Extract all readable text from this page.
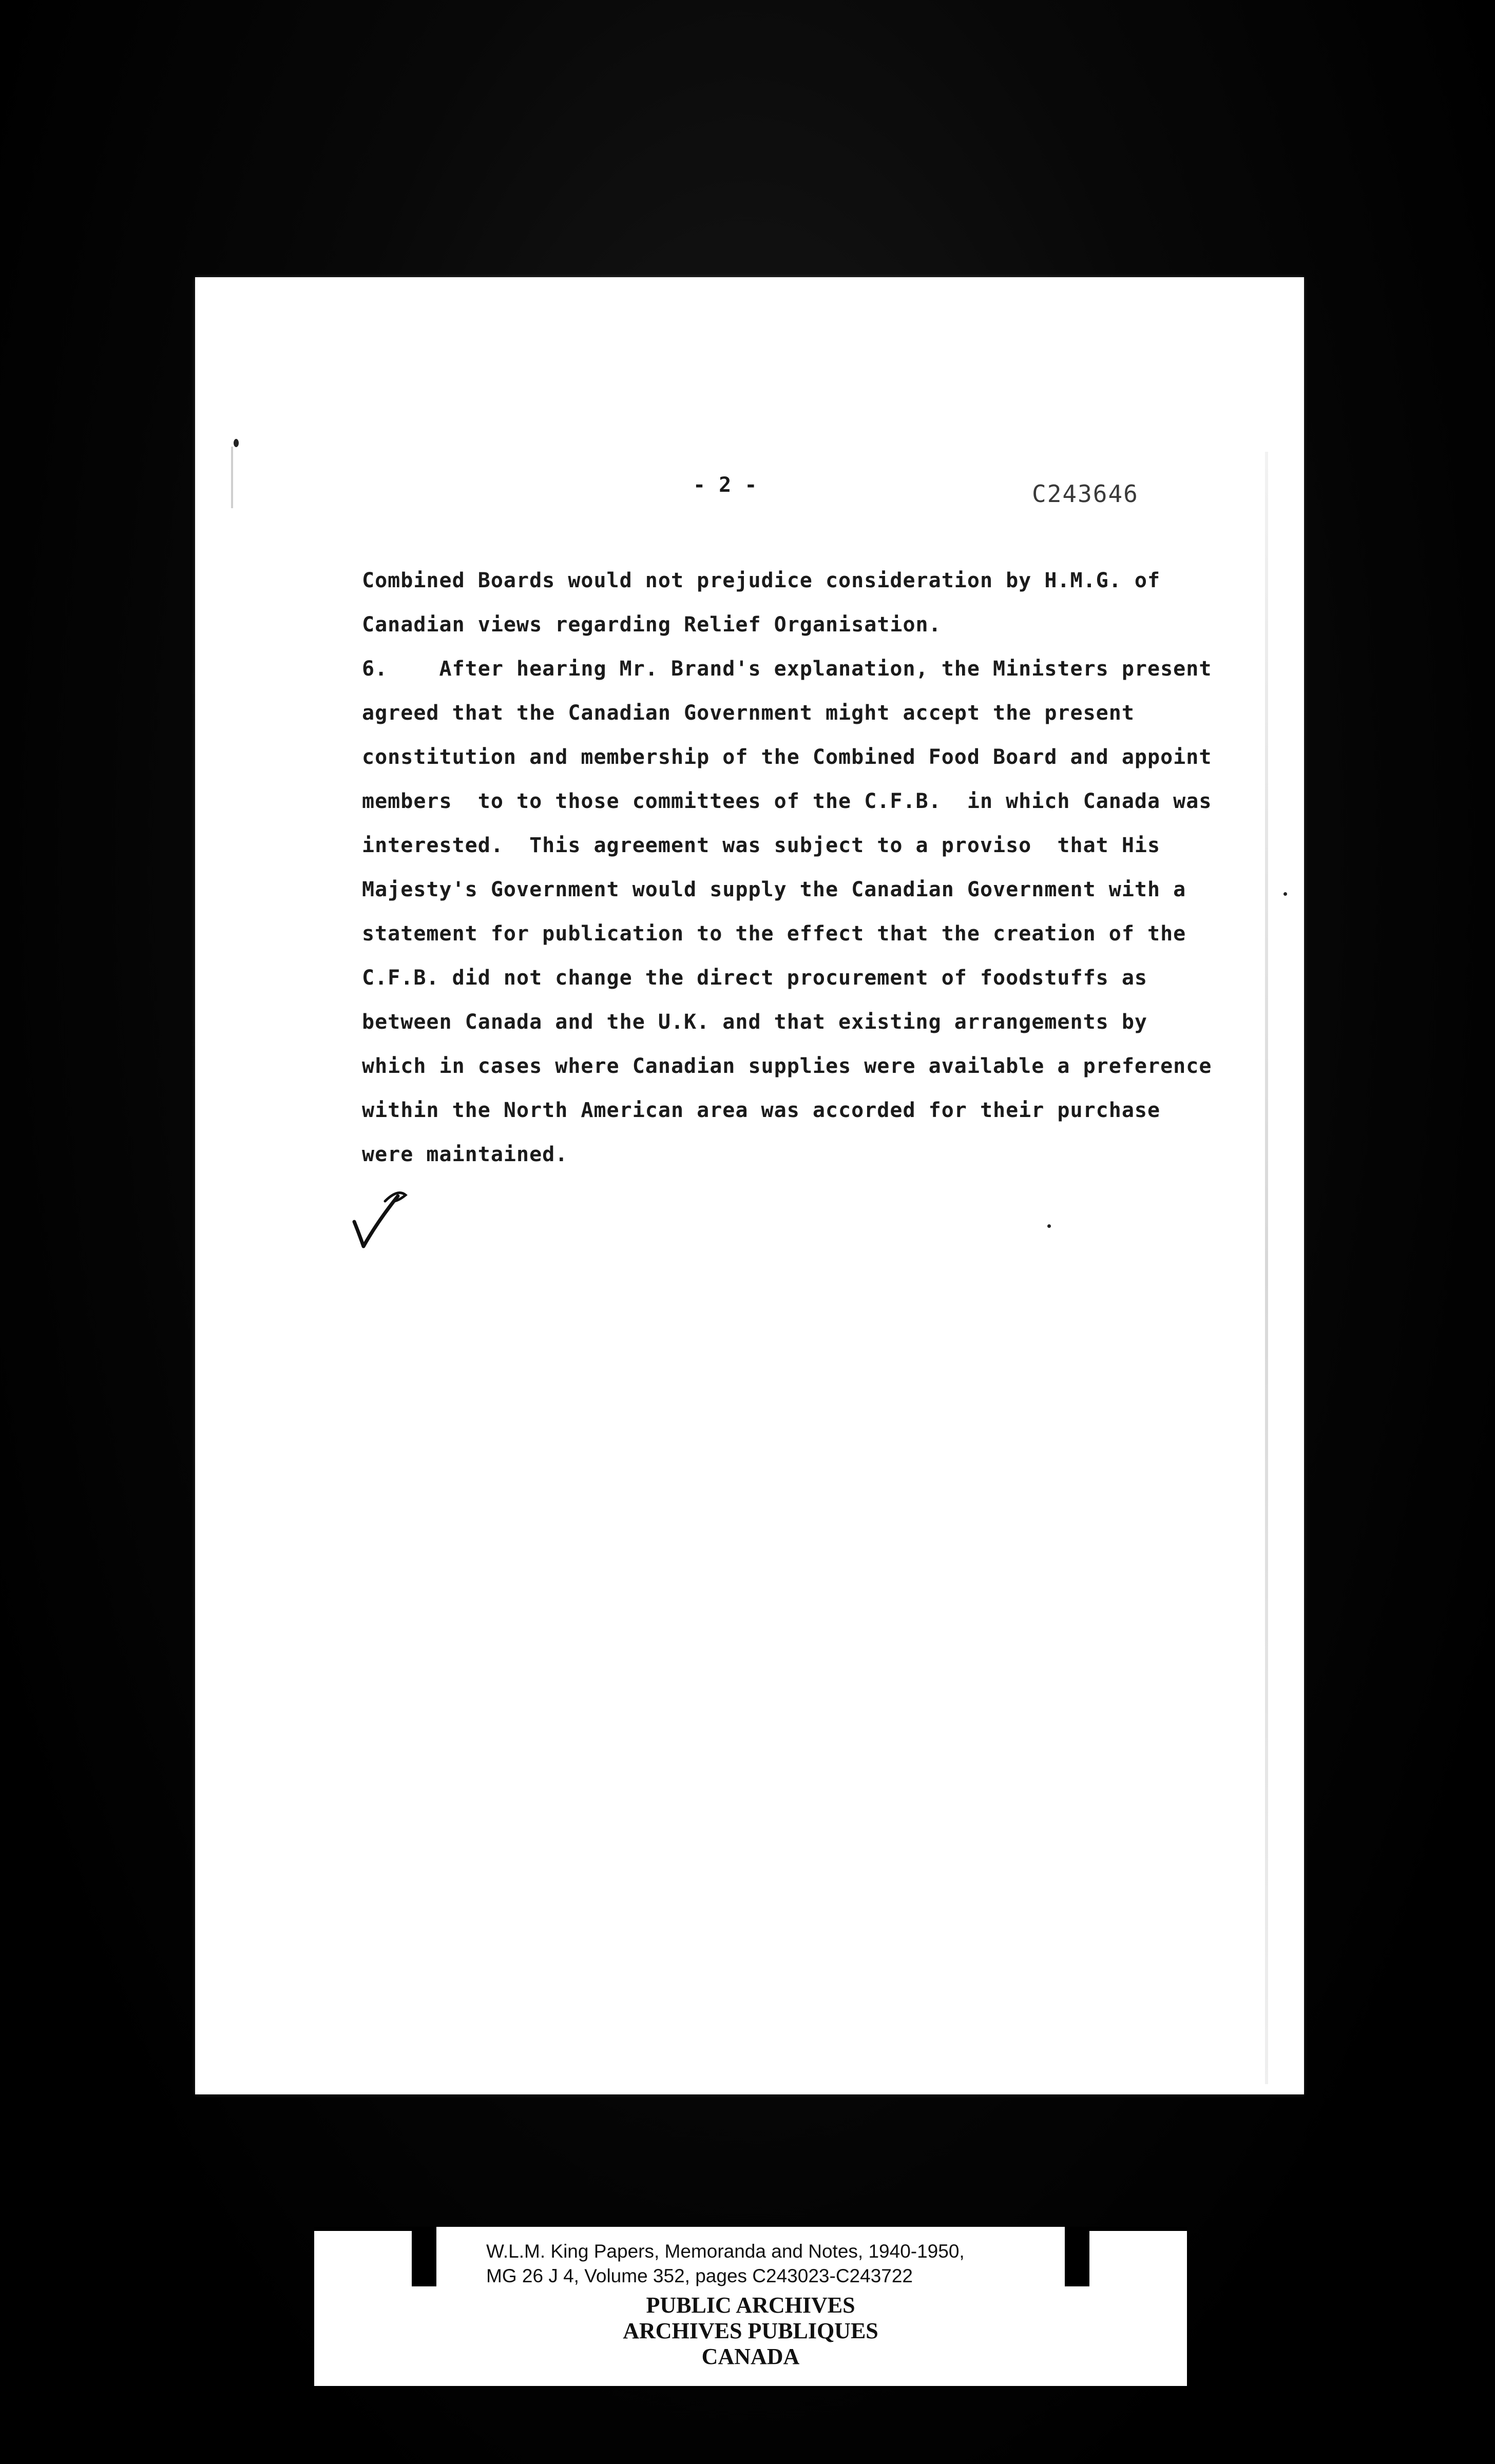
- 2 -	C243646
Combined Boards would not prejudice consideration by H.M.G. of
Canadian views regarding Relief Organisation.
6.    After hearing Mr. Brand's explanation, the Ministers present
agreed that the Canadian Government might accept the present
constitution and membership of the Combined Food Board and appoint
members  to to those committees of the C.F.B.  in which Canada was
interested.  This agreement was subject to a proviso  that His
Majesty's Government would supply the Canadian Government with a
statement for publication to the effect that the creation of the
C.F.B. did not change the direct procurement of foodstuffs as
between Canada and the U.K. and that existing arrangements by
which in cases where Canadian supplies were available a preference
within the North American area was accorded for their purchase
were maintained.
W.L.M. King Papers, Memoranda and Notes, 1940-1950,
MG 26 J 4, Volume 352, pages C243023-C243722
PUBLIC ARCHIVES
ARCHIVES PUBLIQUES
CANADA
